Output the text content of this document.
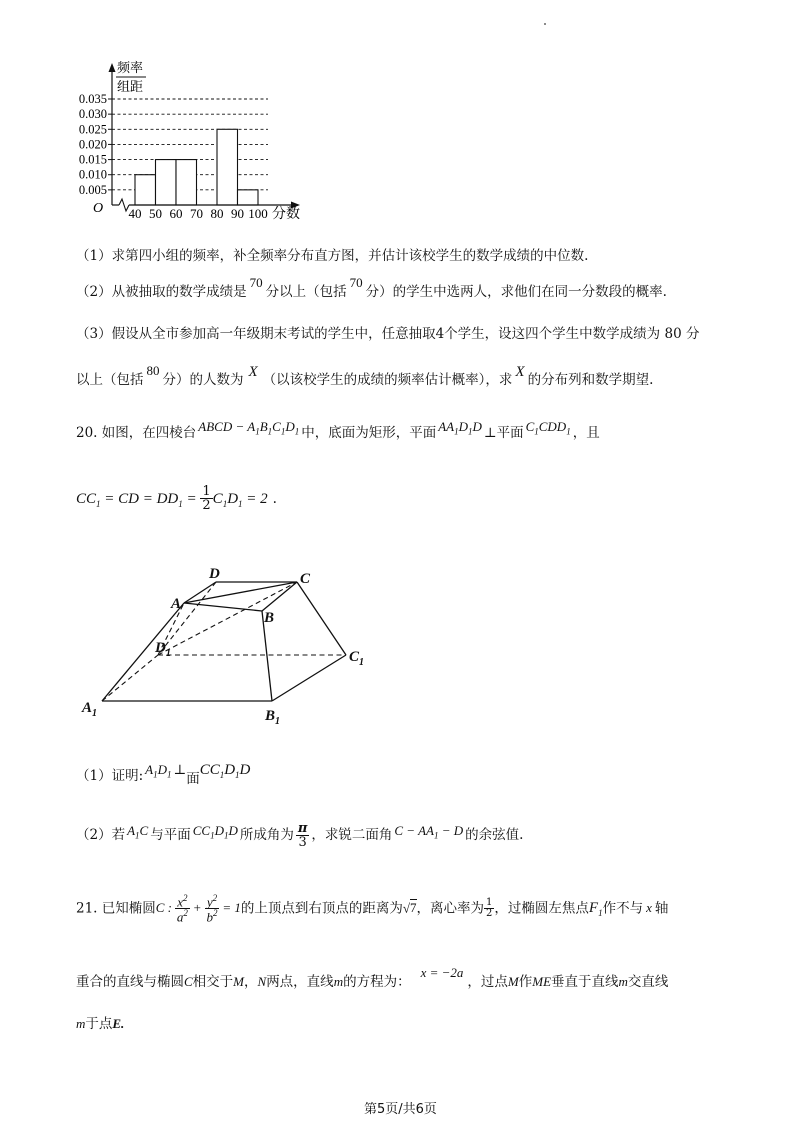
频率
组距
O
0.005
0.010
0.015
0.020
0.025
0.030
0.035
40 50 60 70 80 90 100 分数
（1）求第四小组的频率，补全频率分布直方图，并估计该校学生的数学成绩的中位数.
（2）从被抽取的数学成绩是70分以上（包括70分）的学生中选两人，求他们在同一分数段的概率.
（3）假设从全市参加高一年级期末考试的学生中，任意抽取4个学生，设这四个学生中数学成绩为 80 分
以上（包括80分）的人数为 X （以该校学生的成绩的频率估计概率），求 X 的分布列和数学期望.
20. 如图，在四棱台 ABCD − $A_1B_1C_1D_1$ 中，底面为矩形，平面 $AA_1D_1D$ ⊥平面 $C_1CDD_1$ ，且
$CC_1$ = CD = $DD_1 = \frac{1}{2} C_1D_1 = 2$ .
D	C
A
B
$D_1$	$C_1$
$A_1$	$B_1$
（1）证明: $A_1D_1$ ⊥面$CC_1D_1D$
（2）若 $A_1C$ 与平面 $CC_1D_1D$ 所成角为 $\frac{\pi}{3}$ ，求锐二面角 $C - AA_1 - D$ 的余弦值.
21. 已知椭圆C : $\frac{x^2}{a^2} + \frac{y^2}{b^2} = 1$的上顶点到右顶点的距离为√7，离心率为 $\frac{1}{2}$ ，过椭圆左焦点$F_1$作不与 x 轴
重合的直线与椭圆C相交于M，N两点，直线m的方程为：x = −2a，过点M作ME垂直于直线m交直线
m于点E.
第5页/共6页
